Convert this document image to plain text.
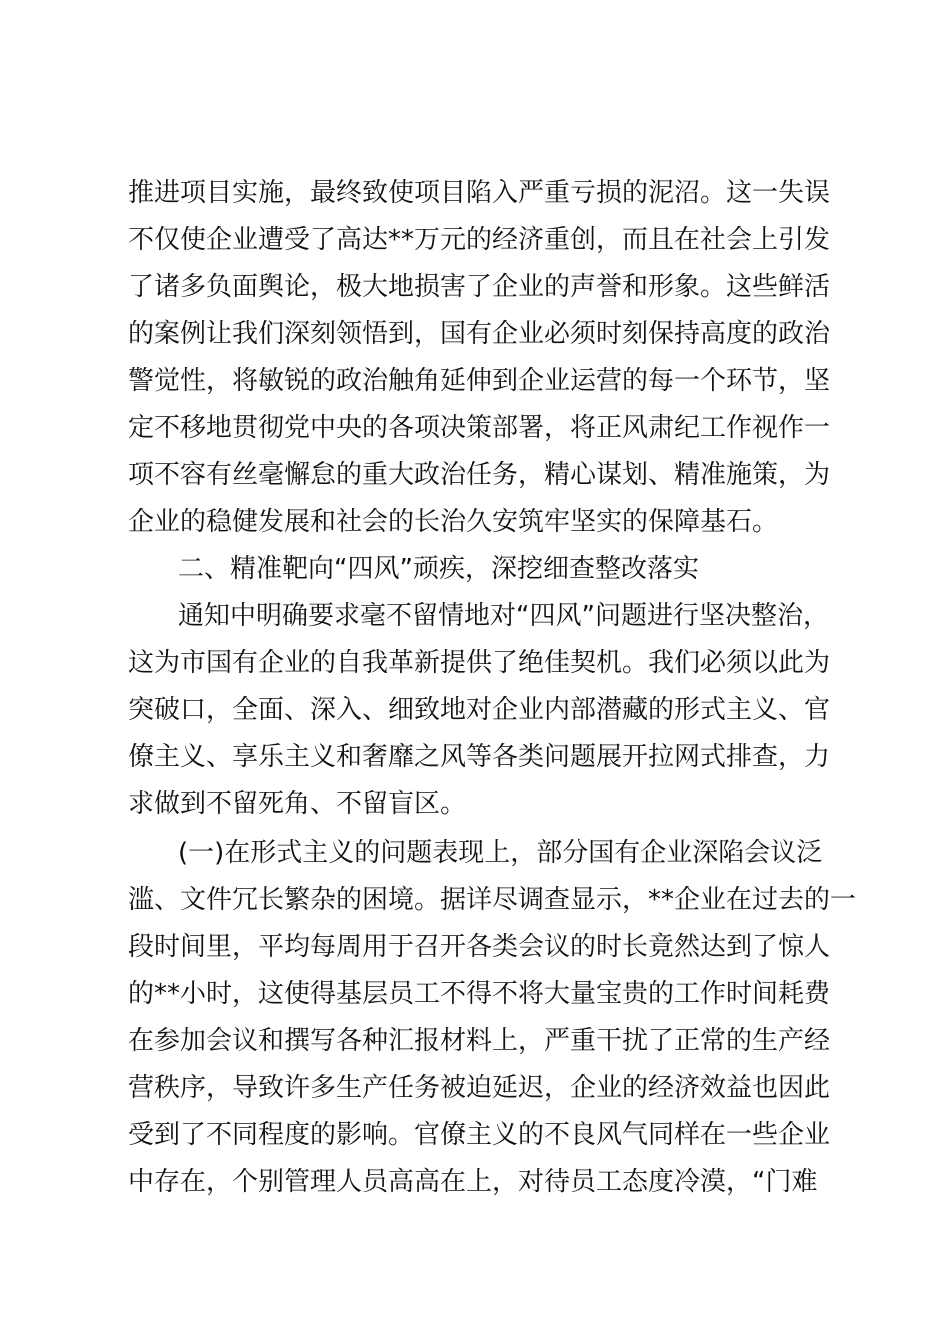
推进项目实施，最终致使项目陷入严重亏损的泥沼。这一失误
不仅使企业遭受了高达**万元的经济重创，而且在社会上引发
了诸多负面舆论，极大地损害了企业的声誉和形象。这些鲜活
的案例让我们深刻领悟到，国有企业必须时刻保持高度的政治
警觉性，将敏锐的政治触角延伸到企业运营的每一个环节，坚
定不移地贯彻党中央的各项决策部署，将正风肃纪工作视作一
项不容有丝毫懈怠的重大政治任务，精心谋划、精准施策，为
企业的稳健发展和社会的长治久安筑牢坚实的保障基石。
二、精准靶向“四风”顽疾，深挖细查整改落实
通知中明确要求毫不留情地对“四风”问题进行坚决整治，
这为市国有企业的自我革新提供了绝佳契机。我们必须以此为
突破口，全面、深入、细致地对企业内部潜藏的形式主义、官
僚主义、享乐主义和奢靡之风等各类问题展开拉网式排查，力
求做到不留死角、不留盲区。
(一)在形式主义的问题表现上，部分国有企业深陷会议泛
滥、文件冗长繁杂的困境。据详尽调查显示，**企业在过去的一
段时间里，平均每周用于召开各类会议的时长竟然达到了惊人
的**小时，这使得基层员工不得不将大量宝贵的工作时间耗费
在参加会议和撰写各种汇报材料上，严重干扰了正常的生产经
营秩序，导致许多生产任务被迫延迟，企业的经济效益也因此
受到了不同程度的影响。官僚主义的不良风气同样在一些企业
中存在，个别管理人员高高在上，对待员工态度冷漠，“门难
